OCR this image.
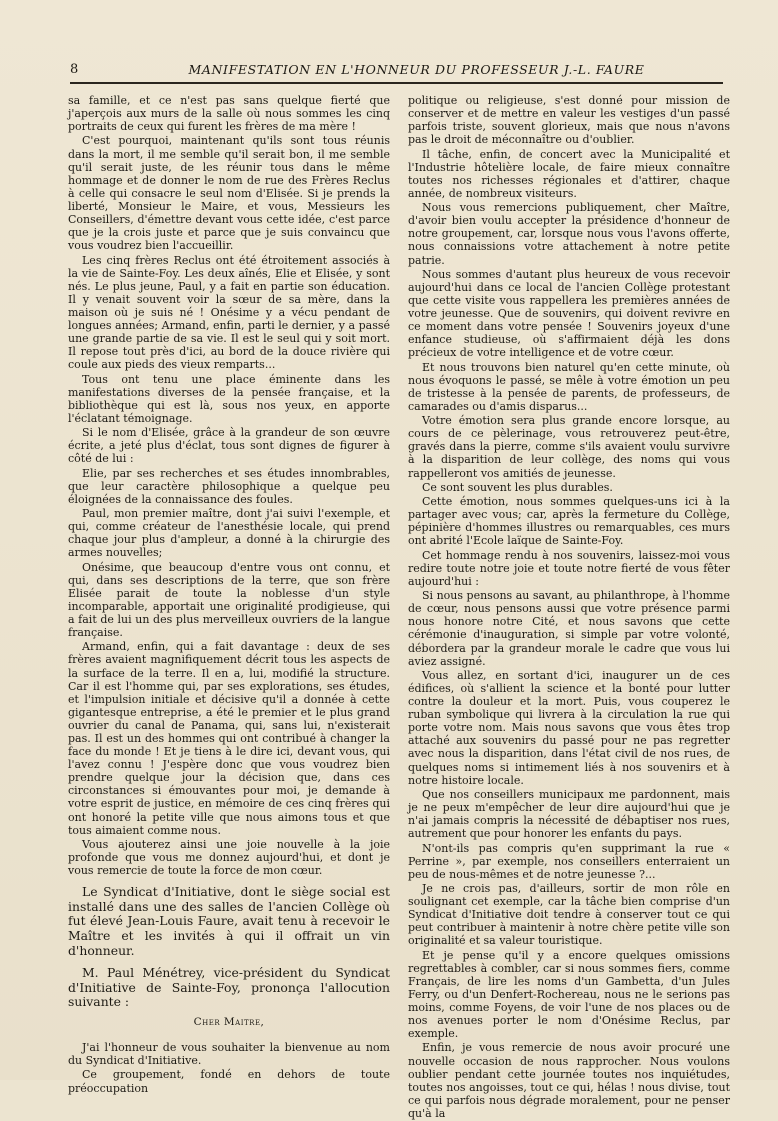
8	MANIFESTATION EN L'HONNEUR DU PROFESSEUR J.-L. FAURE

sa famille, et ce n'est pas sans quelque fierté que j'aperçois aux murs de la salle où nous sommes les cinq portraits de ceux qui furent les frères de ma mère !

C'est pourquoi, maintenant qu'ils sont tous réunis dans la mort, il me semble qu'il serait bon, il me semble qu'il serait juste, de les réunir tous dans le même hommage et de donner le nom de rue des Frères Reclus à celle qui consacre le seul nom d'Elisée. Si je prends la liberté, Monsieur le Maire, et vous, Messieurs les Conseillers, d'émettre devant vous cette idée, c'est parce que je la crois juste et parce que je suis convaincu que vous voudrez bien l'accueillir.

Les cinq frères Reclus ont été étroitement associés à la vie de Sainte-Foy. Les deux aînés, Elie et Elisée, y sont nés. Le plus jeune, Paul, y a fait en partie son éducation. Il y venait souvent voir la sœur de sa mère, dans la maison où je suis né ! Onésime y a vécu pendant de longues années; Armand, enfin, parti le dernier, y a passé une grande partie de sa vie. Il est le seul qui y soit mort. Il repose tout près d'ici, au bord de la douce rivière qui coule aux pieds des vieux remparts...

Tous ont tenu une place éminente dans les manifestations diverses de la pensée française, et la bibliothèque qui est là, sous nos yeux, en apporte l'éclatant témoignage.

Si le nom d'Elisée, grâce à la grandeur de son œuvre écrite, a jeté plus d'éclat, tous sont dignes de figurer à côté de lui :

Elie, par ses recherches et ses études innombrables, que leur caractère philosophique a quelque peu éloignées de la connaissance des foules.

Paul, mon premier maître, dont j'ai suivi l'exemple, et qui, comme créateur de l'anesthésie locale, qui prend chaque jour plus d'ampleur, a donné à la chirurgie des armes nouvelles;

Onésime, que beaucoup d'entre vous ont connu, et qui, dans ses descriptions de la terre, que son frère Elisée parait de toute la noblesse d'un style incomparable, apportait une originalité prodigieuse, qui a fait de lui un des plus merveilleux ouvriers de la langue française.

Armand, enfin, qui a fait davantage : deux de ses frères avaient magnifiquement décrit tous les aspects de la surface de la terre. Il en a, lui, modifié la structure. Car il est l'homme qui, par ses explorations, ses études, et l'impulsion initiale et décisive qu'il a donnée à cette gigantesque entreprise, a été le premier et le plus grand ouvrier du canal de Panama, qui, sans lui, n'existerait pas. Il est un des hommes qui ont contribué à changer la face du monde ! Et je tiens à le dire ici, devant vous, qui l'avez connu ! J'espère donc que vous voudrez bien prendre quelque jour la décision que, dans ces circonstances si émouvantes pour moi, je demande à votre esprit de justice, en mémoire de ces cinq frères qui ont honoré la petite ville que nous aimons tous et que tous aimaient comme nous.

Vous ajouterez ainsi une joie nouvelle à la joie profonde que vous me donnez aujourd'hui, et dont je vous remercie de toute la force de mon cœur.

Le Syndicat d'Initiative, dont le siège social est installé dans une des salles de l'ancien Collège où fut élevé Jean-Louis Faure, avait tenu à recevoir le Maître et les invités à qui il offrait un vin d'honneur.

M. Paul Ménétrey, vice-président du Syndicat d'Initiative de Sainte-Foy, prononça l'allocution suivante :

Cher Maitre,

J'ai l'honneur de vous souhaiter la bienvenue au nom du Syndicat d'Initiative.

Ce groupement, fondé en dehors de toute préoccupation

politique ou religieuse, s'est donné pour mission de conserver et de mettre en valeur les vestiges d'un passé parfois triste, souvent glorieux, mais que nous n'avons pas le droit de méconnaître ou d'oublier.

Il tâche, enfin, de concert avec la Municipalité et l'Industrie hôtelière locale, de faire mieux connaître toutes nos richesses régionales et d'attirer, chaque année, de nombreux visiteurs.

Nous vous remercions publiquement, cher Maître, d'avoir bien voulu accepter la présidence d'honneur de notre groupement, car, lorsque nous vous l'avons offerte, nous connaissions votre attachement à notre petite patrie.

Nous sommes d'autant plus heureux de vous recevoir aujourd'hui dans ce local de l'ancien Collège protestant que cette visite vous rappellera les premières années de votre jeunesse. Que de souvenirs, qui doivent revivre en ce moment dans votre pensée ! Souvenirs joyeux d'une enfance studieuse, où s'affirmaient déjà les dons précieux de votre intelligence et de votre cœur.

Et nous trouvons bien naturel qu'en cette minute, où nous évoquons le passé, se mêle à votre émotion un peu de tristesse à la pensée de parents, de professeurs, de camarades ou d'amis disparus...

Votre émotion sera plus grande encore lorsque, au cours de ce pèlerinage, vous retrouverez peut-être, gravés dans la pierre, comme s'ils avaient voulu survivre à la disparition de leur collège, des noms qui vous rappelleront vos amitiés de jeunesse.

Ce sont souvent les plus durables.

Cette émotion, nous sommes quelques-uns ici à la partager avec vous; car, après la fermeture du Collège, pépinière d'hommes illustres ou remarquables, ces murs ont abrité l'Ecole laïque de Sainte-Foy.

Cet hommage rendu à nos souvenirs, laissez-moi vous redire toute notre joie et toute notre fierté de vous fêter aujourd'hui :

Si nous pensons au savant, au philanthrope, à l'homme de cœur, nous pensons aussi que votre présence parmi nous honore notre Cité, et nous savons que cette cérémonie d'inauguration, si simple par votre volonté, débordera par la grandeur morale le cadre que vous lui aviez assigné.

Vous allez, en sortant d'ici, inaugurer un de ces édifices, où s'allient la science et la bonté pour lutter contre la douleur et la mort. Puis, vous couperez le ruban symbolique qui livrera à la circulation la rue qui porte votre nom. Mais nous savons que vous êtes trop attaché aux souvenirs du passé pour ne pas regretter avec nous la disparition, dans l'état civil de nos rues, de quelques noms si intimement liés à nos souvenirs et à notre histoire locale.

Que nos conseillers municipaux me pardonnent, mais je ne peux m'empêcher de leur dire aujourd'hui que je n'ai jamais compris la nécessité de débaptiser nos rues, autrement que pour honorer les enfants du pays.

N'ont-ils pas compris qu'en supprimant la rue « Perrine », par exemple, nos conseillers enterraient un peu de nous-mêmes et de notre jeunesse ?...

Je ne crois pas, d'ailleurs, sortir de mon rôle en soulignant cet exemple, car la tâche bien comprise d'un Syndicat d'Initiative doit tendre à conserver tout ce qui peut contribuer à maintenir à notre chère petite ville son originalité et sa valeur touristique.

Et je pense qu'il y a encore quelques omissions regrettables à combler, car si nous sommes fiers, comme Français, de lire les noms d'un Gambetta, d'un Jules Ferry, ou d'un Denfert-Rochereau, nous ne le serions pas moins, comme Foyens, de voir l'une de nos places ou de nos avenues porter le nom d'Onésime Reclus, par exemple.

Enfin, je vous remercie de nous avoir procuré une nouvelle occasion de nous rapprocher. Nous voulons oublier pendant cette journée toutes nos inquiétudes, toutes nos angoisses, tout ce qui, hélas ! nous divise, tout ce qui parfois nous dégrade moralement, pour ne penser qu'à la
